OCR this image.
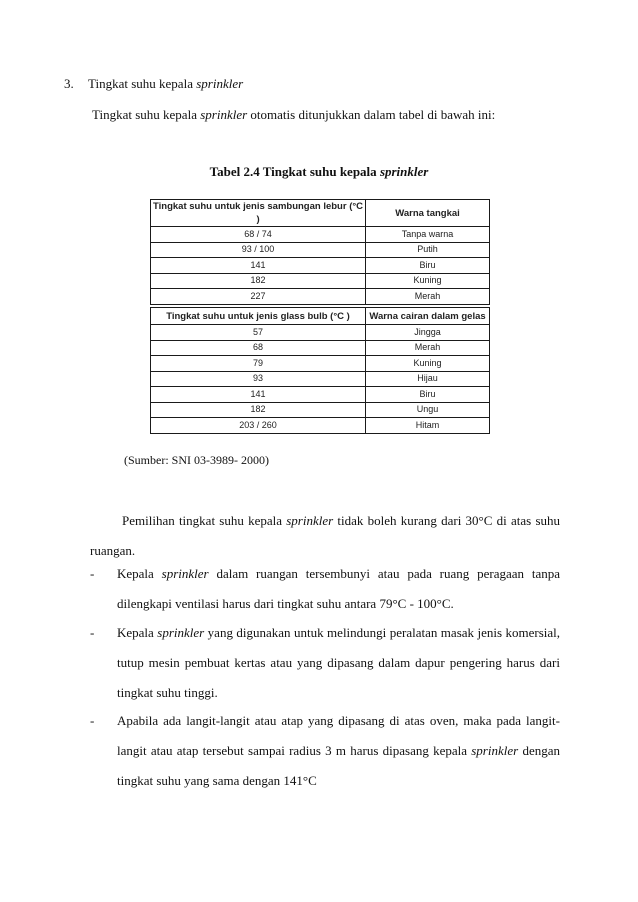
3. Tingkat suhu kepala sprinkler
Tingkat suhu kepala sprinkler otomatis ditunjukkan dalam tabel di bawah ini:
Tabel 2.4 Tingkat suhu kepala sprinkler
Tingkat suhu untuk jenis sambungan lebur (°C )	Warna tangkai
68 / 74	Tanpa warna
93 / 100	Putih
141	Biru
182	Kuning
227	Merah
Tingkat suhu untuk jenis glass bulb (°C )	Warna cairan dalam gelas
57	Jingga
68	Merah
79	Kuning
93	Hijau
141	Biru
182	Ungu
203 / 260	Hitam
(Sumber: SNI 03-3989- 2000)
Pemilihan tingkat suhu kepala sprinkler tidak boleh kurang dari 30°C di atas suhu ruangan.
-	Kepala sprinkler dalam ruangan tersembunyi atau pada ruang peragaan tanpa dilengkapi ventilasi harus dari tingkat suhu antara 79°C - 100°C.
-	Kepala sprinkler yang digunakan untuk melindungi peralatan masak jenis komersial, tutup mesin pembuat kertas atau yang dipasang dalam dapur pengering harus dari tingkat suhu tinggi.
-	Apabila ada langit-langit atau atap yang dipasang di atas oven, maka pada langit-langit atau atap tersebut sampai radius 3 m harus dipasang kepala sprinkler dengan tingkat suhu yang sama dengan 141°C
